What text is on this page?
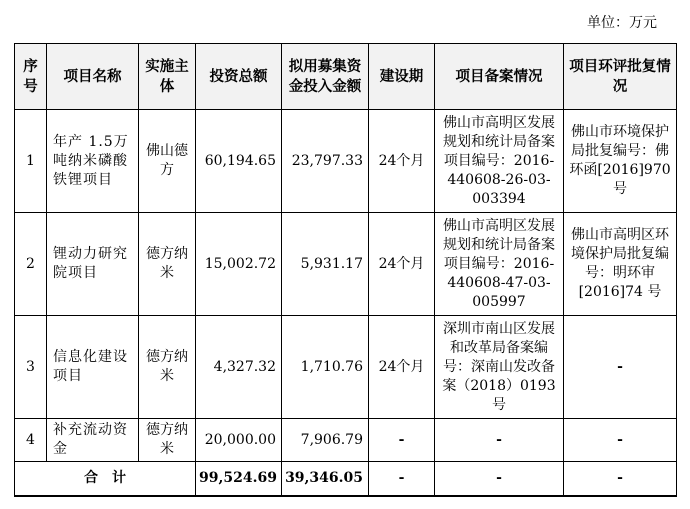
单位：万元
序号	项目名称	实施主体	投资总额	拟用募集资金投入金额	建设期	项目备案情况	项目环评批复情况
1	年产 1.5万吨纳米磷酸铁锂项目	佛山德方	60,194.65	23,797.33	24个月	佛山市高明区发展规划和统计局备案项目编号：2016-440608-26-03-003394	佛山市环境保护局批复编号：佛环函[2016]970号
2	锂动力研究院项目	德方纳米	15,002.72	5,931.17	24个月	佛山市高明区发展规划和统计局备案项目编号：2016-440608-47-03-005997	佛山市高明区环境保护局批复编号：明环审[2016]74 号
3	信息化建设项目	德方纳米	4,327.32	1,710.76	24个月	深圳市南山区发展和改革局备案编号：深南山发改备案（2018）0193 号	-
4	补充流动资金	德方纳米	20,000.00	7,906.79	-	-	-
合　计			99,524.69	39,346.05	-	-	-
